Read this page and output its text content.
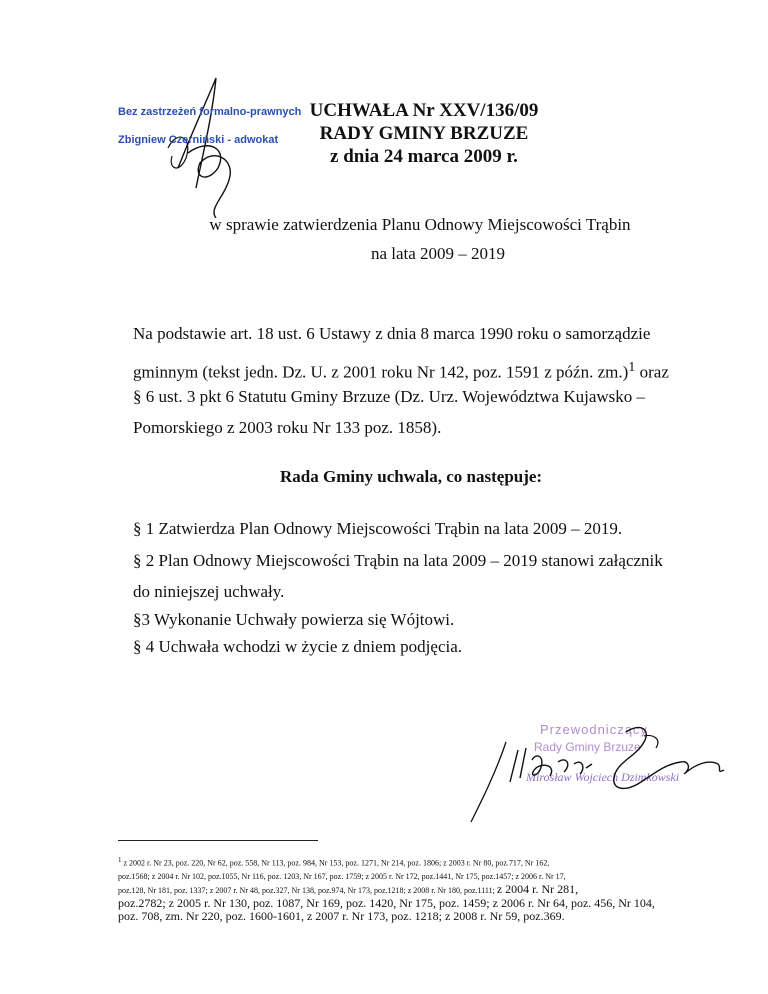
Bez zastrzeżeń formalno-prawnych
Zbigniew Czerniński - adwokat
UCHWAŁA Nr XXV/136/09
RADY GMINY BRZUZE
z dnia 24 marca 2009 r.
w sprawie zatwierdzenia Planu Odnowy Miejscowości Trąbin
na lata 2009 – 2019
Na podstawie art. 18 ust. 6 Ustawy z dnia 8 marca 1990 roku o samorządzie
gminnym (tekst jedn. Dz. U. z 2001 roku Nr 142, poz. 1591 z późn. zm.)$^1$ oraz
§ 6 ust. 3 pkt 6 Statutu Gminy Brzuze (Dz. Urz. Województwa Kujawsko –
Pomorskiego z 2003 roku Nr 133 poz. 1858).
Rada Gminy uchwala, co następuje:
§ 1 Zatwierdza Plan Odnowy Miejscowości Trąbin na lata 2009 – 2019.
§ 2 Plan Odnowy Miejscowości Trąbin na lata 2009 – 2019 stanowi załącznik
do niniejszej uchwały.
§3 Wykonanie Uchwały powierza się Wójtowi.
§ 4 Uchwała wchodzi w życie z dniem podjęcia.
Przewodniczący
Rady Gminy Brzuze
Mirosław Wojciech Dzimkowski
$^1$ z 2002 r. Nr 23, poz. 220, Nr 62, poz. 558, Nr 113, poz. 984, Nr 153, poz. 1271, Nr 214, poz. 1806; z 2003 r. Nr 80, poz.717, Nr 162,
poz.1568; z 2004 r. Nr 102, poz.1055, Nr 116, poz. 1203, Nr 167, poz. 1759; z 2005 r. Nr 172, poz.1441, Nr 175, poz.1457; z 2006 r. Nr 17,
poz.128, Nr 181, poz. 1337; z 2007 r. Nr 48, poz.327, Nr 138, poz.974, Nr 173, poz.1218; z 2008 r. Nr 180, poz.1111; z 2004 r. Nr 281,
poz.2782; z 2005 r. Nr 130, poz. 1087, Nr 169, poz. 1420, Nr 175, poz. 1459; z 2006 r. Nr 64, poz. 456, Nr 104,
poz. 708, zm. Nr 220, poz. 1600-1601, z 2007 r. Nr 173, poz. 1218; z 2008 r. Nr 59, poz.369.
